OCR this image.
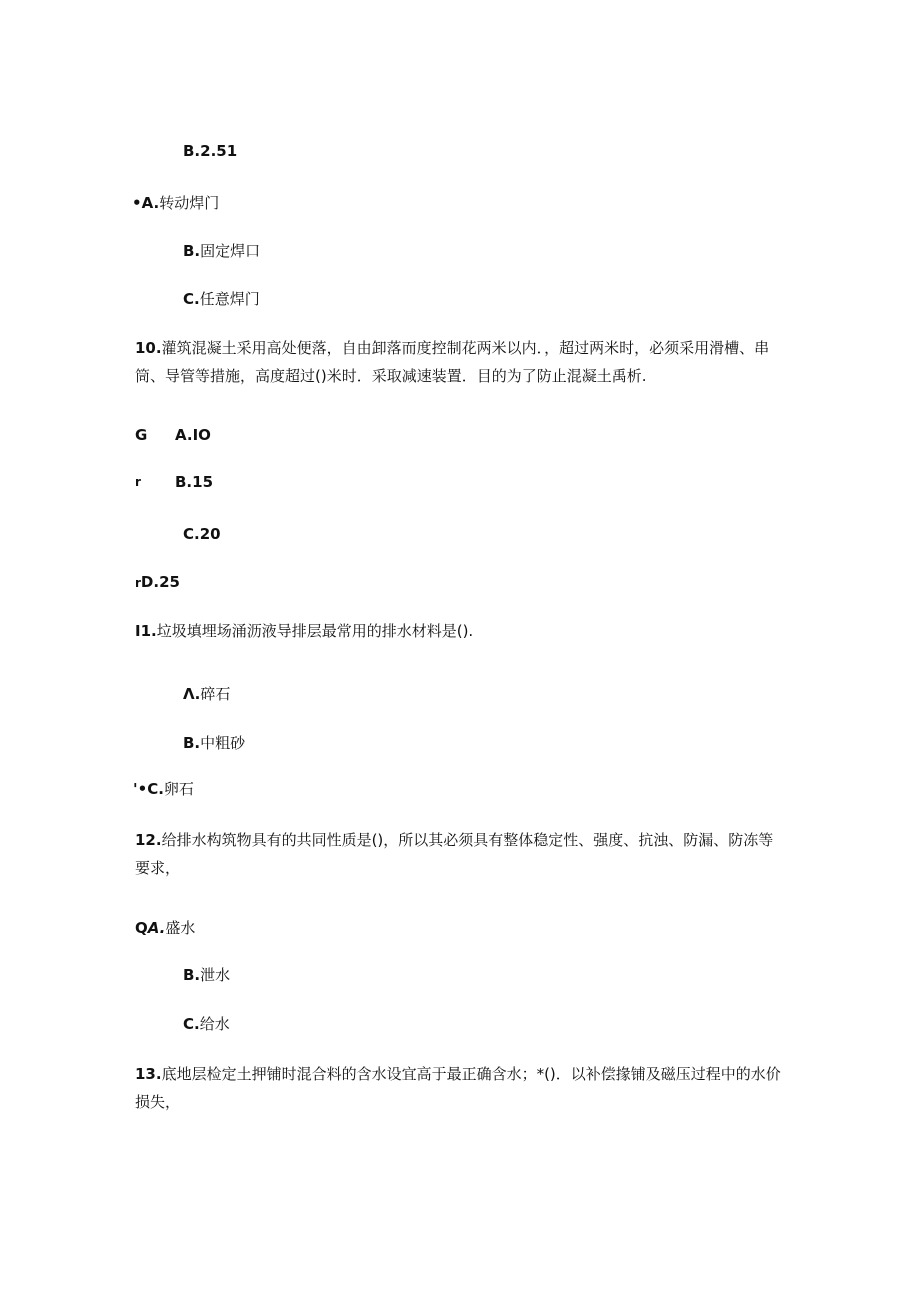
B.2.51
•A.转动焊门
B.固定焊口
C.任意焊门
10.灌筑混凝土采用高处便落，自由卸落而度控制花两米以内．，超过两米时，必须采用滑槽、串筒、导管等措施，高度超过()米时．采取减速装置．目的为了防止混凝土禹析.
G A.IO
r B.15
C.20
rD.25
I1.垃圾填埋场涌沥液导排层最常用的排水材料是().
Λ.碎石
B.中粗砂
'•C.卵石
12.给排水构筑物具有的共同性质是()，所以其必须具有整体稳定性、强度、抗浊、防漏、防冻等要求，
QA.盛水
B.泄水
C.给水
13.底地层检定土押铺时混合料的含水设宜高于最正确含水；*()．以补偿掾铺及磁压过程中的水价损失，
